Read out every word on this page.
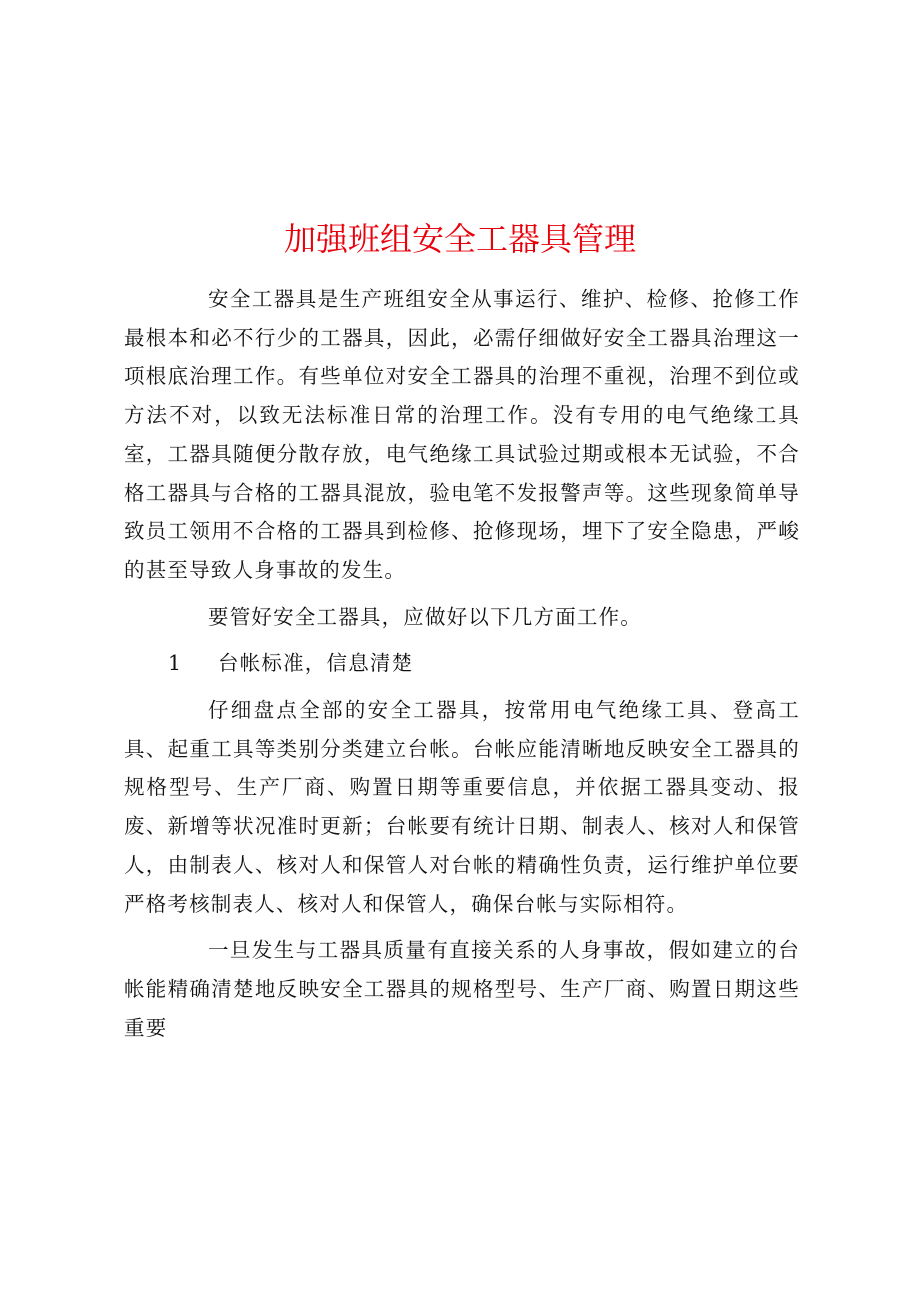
加强班组安全工器具管理

安全工器具是生产班组安全从事运行、维护、检修、抢修工作最根本和必不行少的工器具，因此，必需仔细做好安全工器具治理这一项根底治理工作。有些单位对安全工器具的治理不重视，治理不到位或方法不对，以致无法标准日常的治理工作。没有专用的电气绝缘工具室，工器具随便分散存放，电气绝缘工具试验过期或根本无试验，不合格工器具与合格的工器具混放，验电笔不发报警声等。这些现象简单导致员工领用不合格的工器具到检修、抢修现场，埋下了安全隐患，严峻的甚至导致人身事故的发生。

要管好安全工器具，应做好以下几方面工作。

1 台帐标准，信息清楚

仔细盘点全部的安全工器具，按常用电气绝缘工具、登高工具、起重工具等类别分类建立台帐。台帐应能清晰地反映安全工器具的规格型号、生产厂商、购置日期等重要信息，并依据工器具变动、报废、新增等状况准时更新；台帐要有统计日期、制表人、核对人和保管人，由制表人、核对人和保管人对台帐的精确性负责，运行维护单位要严格考核制表人、核对人和保管人，确保台帐与实际相符。

一旦发生与工器具质量有直接关系的人身事故，假如建立的台帐能精确清楚地反映安全工器具的规格型号、生产厂商、购置日期这些重要
